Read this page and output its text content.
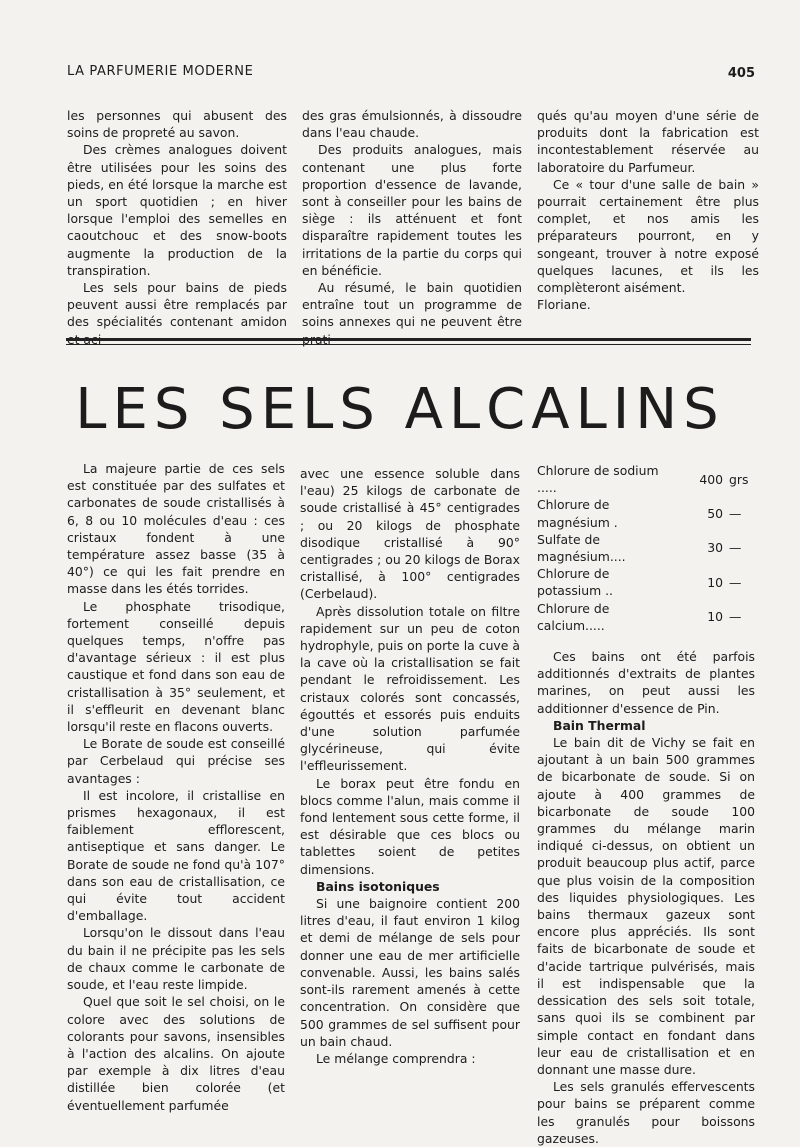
LA PARFUMERIE MODERNE	405

les personnes qui abusent des soins de propreté au savon.

Des crèmes analogues doivent être utilisées pour les soins des pieds, en été lorsque la marche est un sport quotidien ; en hiver lorsque l'emploi des semelles en caoutchouc et des snow-boots augmente la production de la transpiration.

Les sels pour bains de pieds peuvent aussi être remplacés par des spécialités contenant amidon

des gras émulsionnés, à dissoudre dans l'eau chaude.

Des produits analogues, mais contenant une plus forte proportion d'essence de lavande, sont à conseiller pour les bains de siège : ils atténuent et font disparaître rapidement toutes les irritations de la partie du corps qui en bénéficie.

Au résumé, le bain quotidien entraîne tout un programme de soins annexes qui ne peuvent être

qués qu'au moyen d'une série de produits dont la fabrication est incontestablement réservée au laboratoire du Parfumeur.

Ce « tour d'une salle de bain » pourrait certainement être plus complet, et nos amis les préparateurs pourront, en y songeant, trouver à notre exposé quelques lacunes, et ils les complèteront aisément.

Floriane.

LES SELS ALCALINS

La majeure partie de ces sels est constituée par des sulfates et carbonates de soude cristallisés à 6, 8 ou 10 molécules d'eau : ces cristaux fondent à une température assez basse (35 à 40°) ce qui les fait prendre en masse dans les étés torrides.

Le phosphate trisodique, fortement conseillé depuis quelques temps, n'offre pas d'avantage sérieux : il est plus caustique et fond dans son eau de cristallisation à 35° seulement, et il s'effleurit en devenant blanc lorsqu'il reste en flacons ouverts.

Le Borate de soude est conseillé par Cerbelaud qui précise ses avantages :

Il est incolore, il cristallise en prismes hexagonaux, il est faiblement efflorescent, antiseptique et sans danger. Le Borate de soude ne fond qu'à 107° dans son eau de cristallisation, ce qui évite tout accident d'emballage.

Lorsqu'on le dissout dans l'eau du bain il ne précipite pas les sels de chaux comme le carbonate de soude, et l'eau reste limpide.

Quel que soit le sel choisi, on le colore avec des solutions de colorants pour savons, insensibles à l'action des alcalins. On ajoute par exemple à dix litres d'eau distillée bien colorée (et éventuellement parfumée

avec une essence soluble dans l'eau) 25 kilogs de carbonate de soude cristallisé à 45° centigrades ; ou 20 kilogs de phosphate disodique cristallisé à 90° centigrades ; ou 20 kilogs de Borax cristallisé, à 100° centigrades (Cerbelaud).

Après dissolution totale on filtre rapidement sur un peu de coton hydrophyle, puis on porte la cuve à la cave où la cristallisation se fait pendant le refroidissement. Les cristaux colorés sont concassés, égouttés et essorés puis enduits d'une solution parfumée glycérineuse, qui évite l'effleurissement.

Le borax peut être fondu en blocs comme l'alun, mais comme il fond lentement sous cette forme, il est désirable que ces blocs ou tablettes soient de petites dimensions.

Bains isotoniques

Si une baignoire contient 200 litres d'eau, il faut environ 1 kilog et demi de mélange de sels pour donner une eau de mer artificielle convenable. Aussi, les bains salés sont-ils rarement amenés à cette concentration. On considère que 500 grammes de sel suffisent pour un bain chaud.

Le mélange comprendra :

Chlorure de sodium .....	400	grs
Chlorure de magnésium .	50	—
Sulfate de magnésium....	30	—
Chlorure de potassium ..	10	—
Chlorure de calcium.....	10	—

Ces bains ont été parfois additionnés d'extraits de plantes marines, on peut aussi les additionner d'essence de Pin.

Bain Thermal

Le bain dit de Vichy se fait en ajoutant à un bain 500 grammes de bicarbonate de soude. Si on ajoute à 400 grammes de bicarbonate de soude 100 grammes du mélange marin indiqué ci-dessus, on obtient un produit beaucoup plus actif, parce que plus voisin de la composition des liquides physiologiques. Les bains thermaux gazeux sont encore plus appréciés. Ils sont faits de bicarbonate de soude et d'acide tartrique pulvérisés, mais il est indispensable que la dessication des sels soit totale, sans quoi ils se combinent par simple contact en fondant dans leur eau de cristallisation et en donnant une masse dure.

Les sels granulés effervescents pour bains se préparent comme les granulés pour boissons gazeuses.
